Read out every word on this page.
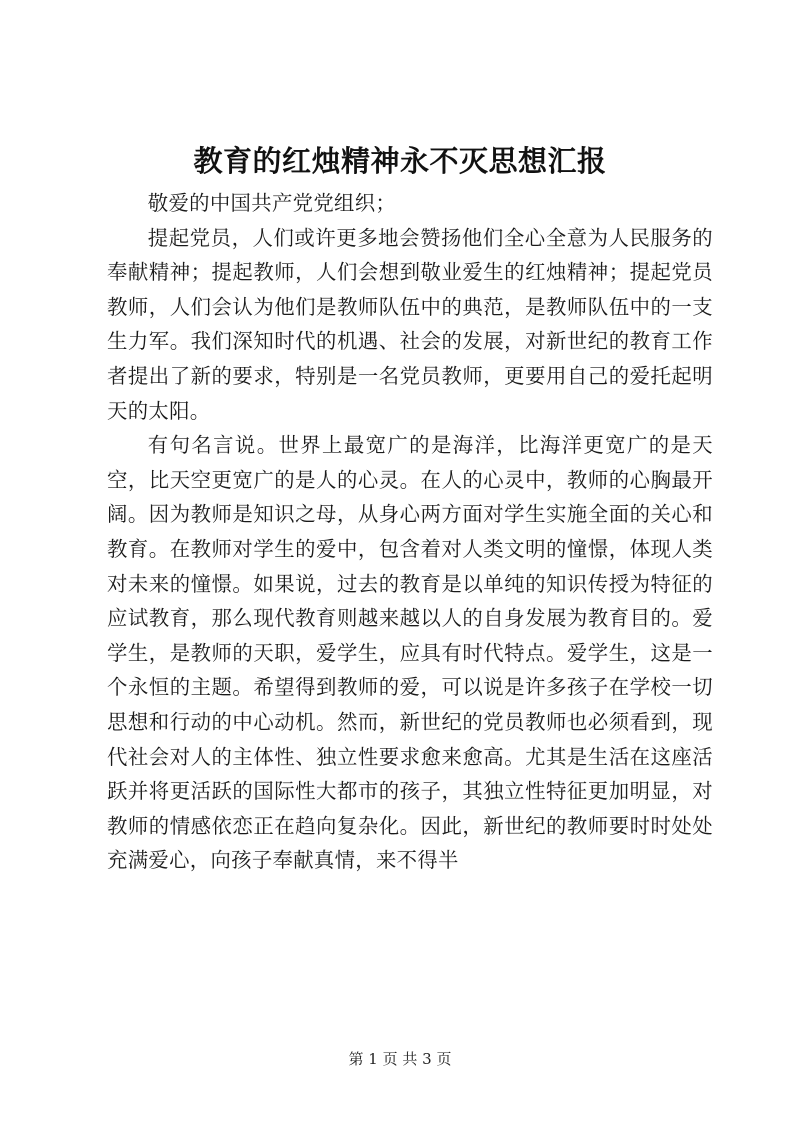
教育的红烛精神永不灭思想汇报

敬爱的中国共产党党组织；

提起党员，人们或许更多地会赞扬他们全心全意为人民服务的奉献精神；提起教师，人们会想到敬业爱生的红烛精神；提起党员教师，人们会认为他们是教师队伍中的典范，是教师队伍中的一支生力军。我们深知时代的机遇、社会的发展，对新世纪的教育工作者提出了新的要求，特别是一名党员教师，更要用自己的爱托起明天的太阳。

有句名言说。世界上最宽广的是海洋，比海洋更宽广的是天空，比天空更宽广的是人的心灵。在人的心灵中，教师的心胸最开阔。因为教师是知识之母，从身心两方面对学生实施全面的关心和教育。在教师对学生的爱中，包含着对人类文明的憧憬，体现人类对未来的憧憬。如果说，过去的教育是以单纯的知识传授为特征的应试教育，那么现代教育则越来越以人的自身发展为教育目的。爱学生，是教师的天职，爱学生，应具有时代特点。爱学生，这是一个永恒的主题。希望得到教师的爱，可以说是许多孩子在学校一切思想和行动的中心动机。然而，新世纪的党员教师也必须看到，现代社会对人的主体性、独立性要求愈来愈高。尤其是生活在这座活跃并将更活跃的国际性大都市的孩子，其独立性特征更加明显，对教师的情感依恋正在趋向复杂化。因此，新世纪的教师要时时处处充满爱心，向孩子奉献真情，来不得半

第 1 页 共 3 页
